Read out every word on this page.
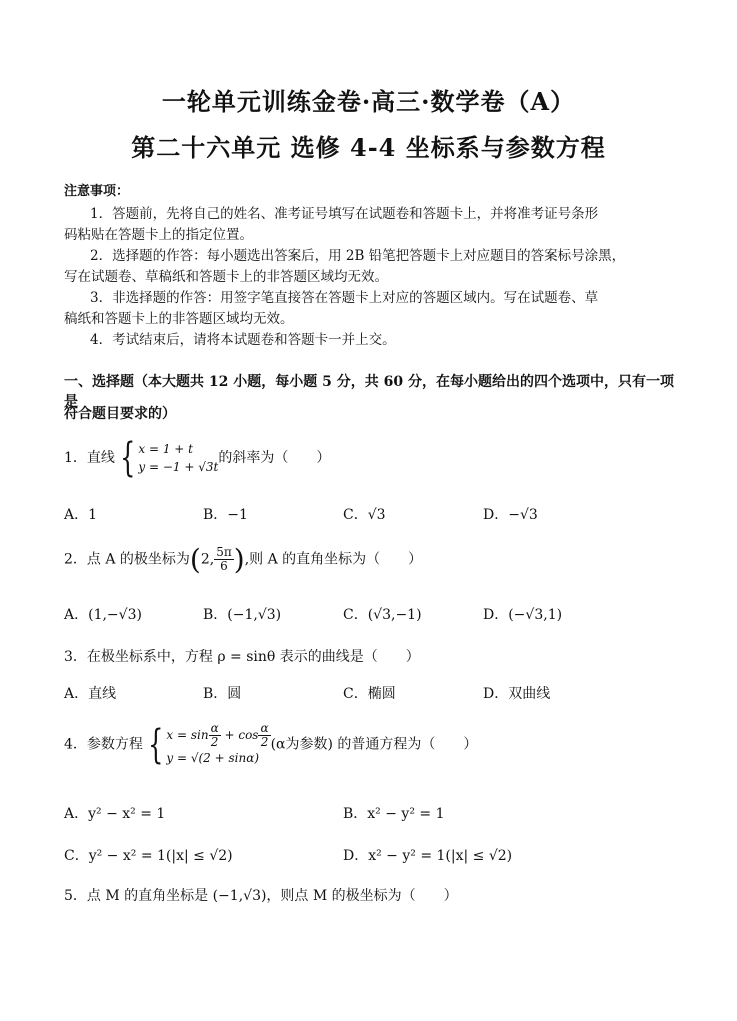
一轮单元训练金卷·高三·数学卷（A）
第二十六单元 选修 4-4 坐标系与参数方程
注意事项：
1．答题前，先将自己的姓名、准考证号填写在试题卷和答题卡上，并将准考证号条形
码粘贴在答题卡上的指定位置。
2．选择题的作答：每小题选出答案后，用 2B 铅笔把答题卡上对应题目的答案标号涂黑，
写在试题卷、草稿纸和答题卡上的非答题区域均无效。
3．非选择题的作答：用签字笔直接答在答题卡上对应的答题区域内。写在试题卷、草
稿纸和答题卡上的非答题区域均无效。
4．考试结束后，请将本试题卷和答题卡一并上交。
一、选择题（本大题共 12 小题，每小题 5 分，共 60 分，在每小题给出的四个选项中，只有一项是
符合题目要求的）
1．直线 { x = 1 + t
y = −1 + √3t
的斜率为（　　）
A．1	B．−1	C．√3	D．−√3
2．点 A 的极坐标为(2, $\frac{5\pi}{6}$ ),则 A 的直角坐标为（　　）
A．(1,−√3)	B．(−1,√3)	C．(√3,−1)	D．(−√3,1)
3．在极坐标系中，方程 ρ = sinθ 表示的曲线是（　　）
A．直线	B．圆	C．椭圆	D．双曲线
4．参数方程 { $x = \sin \frac{\alpha}{2} + \cos \frac{\alpha}{2}$
y = √(2 + sinα)
(α为参数) 的普通方程为（　　）
A．y² − x² = 1	B．x² − y² = 1
C．y² − x² = 1(|x| ≤ √2)	D．x² − y² = 1(|x| ≤ √2)
5．点 M 的直角坐标是 (−1,√3)，则点 M 的极坐标为（　　）
